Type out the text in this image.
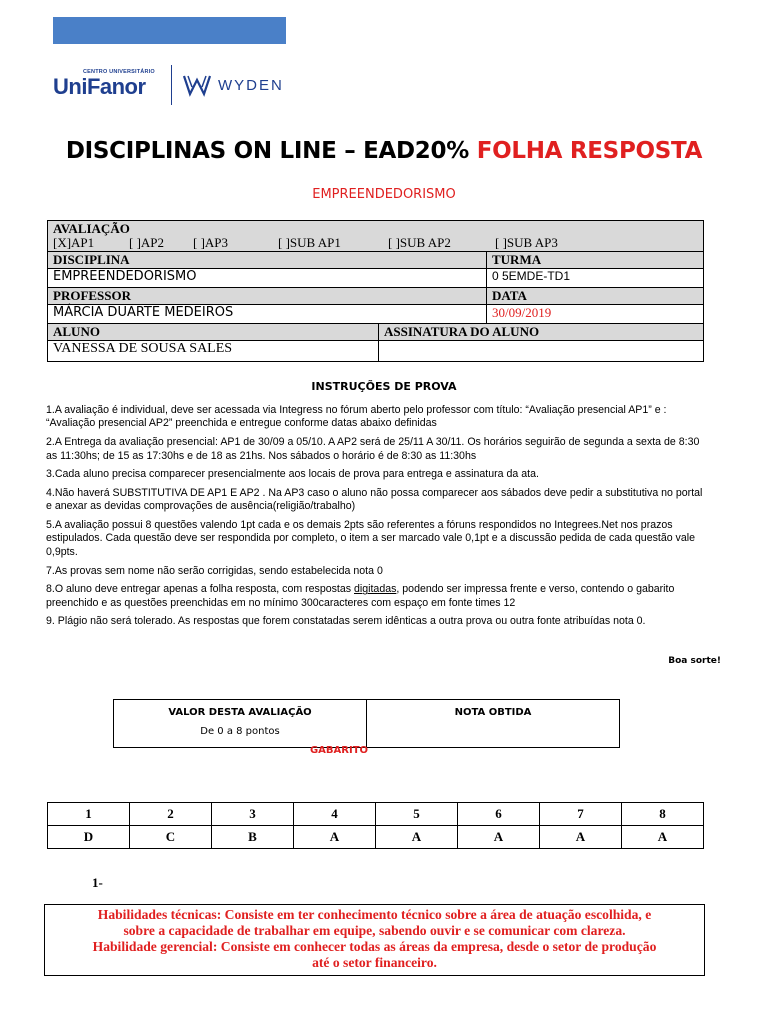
CENTRO UNIVERSITÁRIO
UniFanor	WYDEN
DISCIPLINAS ON LINE – EAD20% FOLHA RESPOSTA
EMPREENDEDORISMO
AVALIAÇÃO
[X]AP1	[ ]AP2	[ ]AP3	[ ]SUB AP1	[ ]SUB AP2	[ ]SUB AP3

DISCIPLINA	TURMA
EMPREENDEDORISMO	0 5EMDE-TD1
PROFESSOR	DATA
MÁRCIA DUARTE MEDEIROS	30/09/2019

ALUNO	ASSINATURA DO ALUNO
VANESSA DE SOUSA SALES	
INSTRUÇÕES DE PROVA

1.A avaliação é individual, deve ser acessada via Integress no fórum aberto pelo professor com título: “Avaliação presencial AP1” e : “Avaliação presencial AP2” preenchida e entregue conforme datas abaixo definidas

2.A Entrega da avaliação presencial: AP1 de 30/09 a 05/10. A AP2 será de 25/11 A 30/11. Os horários seguirão de segunda a sexta de 8:30 as 11:30hs; de 15 as 17:30hs e de 18 as 21hs. Nos sábados o horário é de 8:30 as 11:30hs

3.Cada aluno precisa comparecer presencialmente aos locais de prova para entrega e assinatura da ata.

4.Não haverá SUBSTITUTIVA DE AP1 E AP2 . Na AP3 caso o aluno não possa comparecer aos sábados deve pedir a substitutiva no portal e anexar as devidas comprovações de ausência(religião/trabalho)

5.A avaliação possui 8 questões valendo 1pt cada e os demais 2pts são referentes a fóruns respondidos no Integrees.Net nos prazos estipulados. Cada questão deve ser respondida por completo, o item a ser marcado vale 0,1pt e a discussão pedida de cada questão vale 0,9pts.

7.As provas sem nome não serão corrigidas, sendo estabelecida nota 0

8.O aluno deve entregar apenas a folha resposta, com respostas digitadas, podendo ser impressa frente e verso, contendo o gabarito preenchido e as questões preenchidas em no mínimo 300caracteres com espaço em fonte times 12

9. Plágio não será tolerado. As respostas que forem constatadas serem idênticas a outra prova ou outra fonte atribuídas nota 0.

Boa sorte!
VALOR DESTA AVALIAÇÃO
De 0 a 8 pontos

NOTA OBTIDA
GABARITO
1	2	3	4	5	6	7	8
D	C	B	A	A	A	A	A
1-
Habilidades técnicas: Consiste em ter conhecimento técnico sobre a área de atuação escolhida, e
sobre a capacidade de trabalhar em equipe, sabendo ouvir e se comunicar com clareza.
Habilidade gerencial: Consiste em conhecer todas as áreas da empresa, desde o setor de produção
até o setor financeiro.
